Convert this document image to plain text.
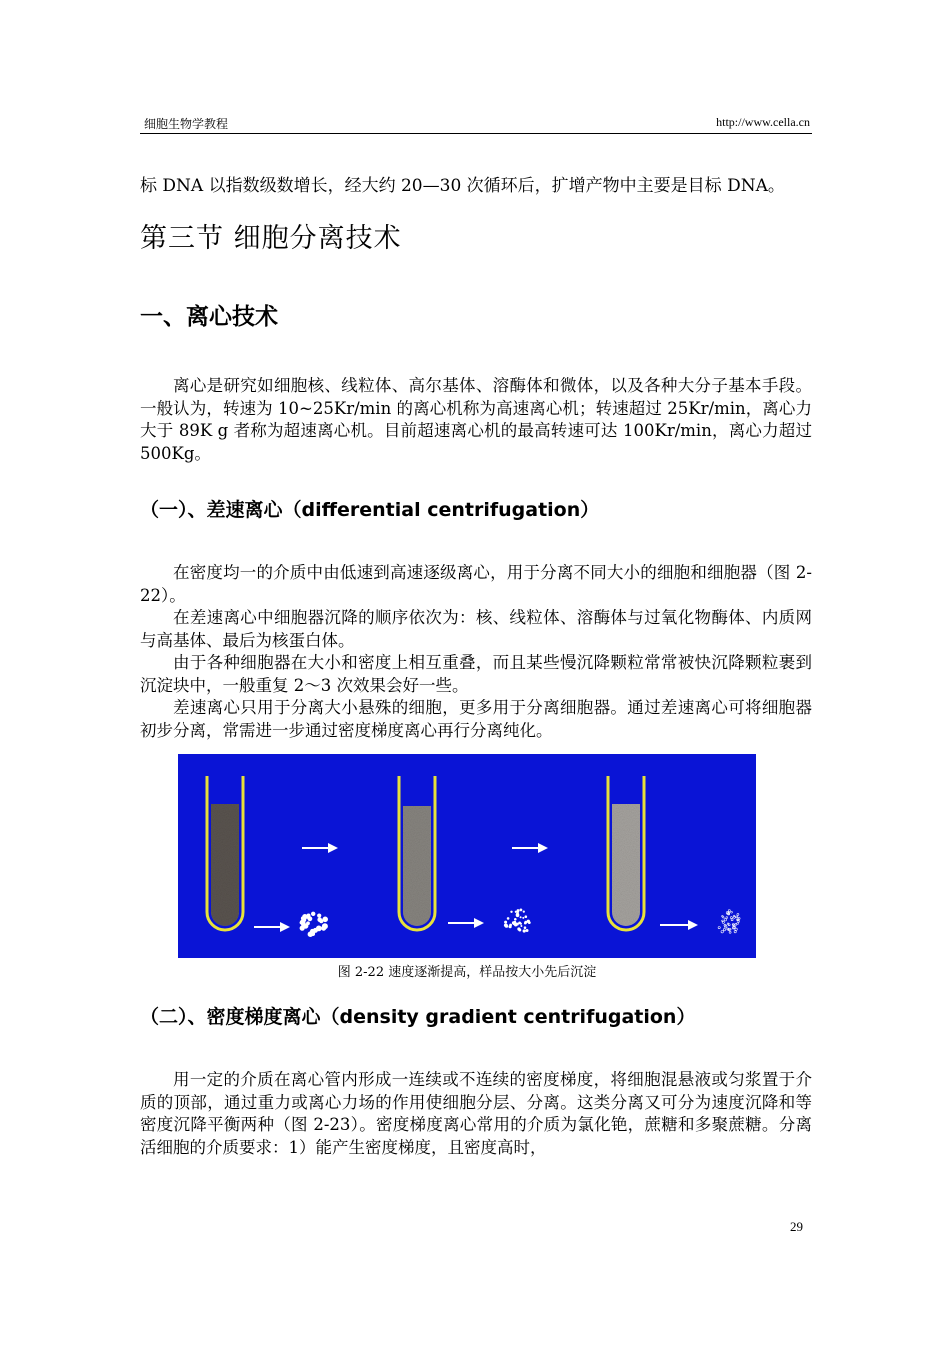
细胞生物学教程	http://www.cella.cn
标 DNA 以指数级数增长，经大约 20—30 次循环后，扩增产物中主要是目标 DNA。
第三节 细胞分离技术
一、离心技术

离心是研究如细胞核、线粒体、高尔基体、溶酶体和微体，以及各种大分子基本手段。一般认为，转速为 10~25Kr/min 的离心机称为高速离心机；转速超过 25Kr/min，离心力大于 89K g 者称为超速离心机。目前超速离心机的最高转速可达 100Kr/min，离心力超过 500Kg。

（一）、差速离心（differential centrifugation）

在密度均一的介质中由低速到高速逐级离心，用于分离不同大小的细胞和细胞器（图 2-22）。

在差速离心中细胞器沉降的顺序依次为：核、线粒体、溶酶体与过氧化物酶体、内质网与高基体、最后为核蛋白体。

由于各种细胞器在大小和密度上相互重叠，而且某些慢沉降颗粒常常被快沉降颗粒裹到沉淀块中，一般重复 2～3 次效果会好一些。

差速离心只用于分离大小悬殊的细胞，更多用于分离细胞器。通过差速离心可将细胞器初步分离，常需进一步通过密度梯度离心再行分离纯化。

图 2-22 速度逐渐提高，样品按大小先后沉淀
（二）、密度梯度离心（density gradient centrifugation）

用一定的介质在离心管内形成一连续或不连续的密度梯度，将细胞混悬液或匀浆置于介质的顶部，通过重力或离心力场的作用使细胞分层、分离。这类分离又可分为速度沉降和等密度沉降平衡两种（图 2-23）。密度梯度离心常用的介质为氯化铯，蔗糖和多聚蔗糖。分离活细胞的介质要求：1）能产生密度梯度，且密度高时，

29
